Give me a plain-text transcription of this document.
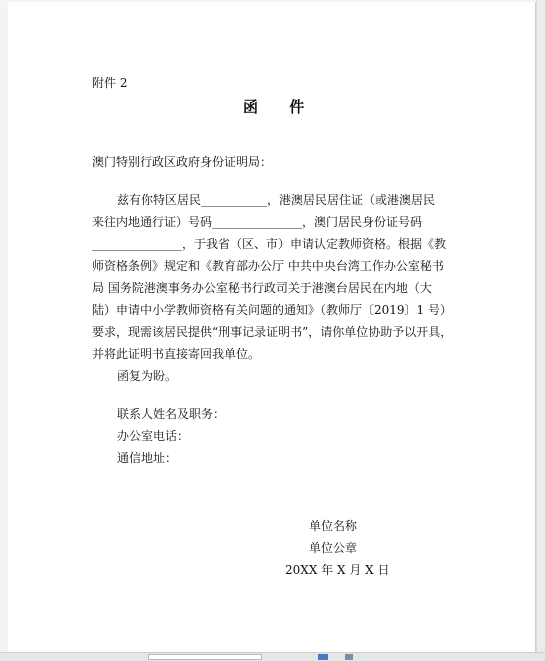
附件 2
函 件
澳门特别行政区政府身份证明局：
兹有你特区居民___________，港澳居民居住证（或港澳居民
来往内地通行证）号码_______________，澳门居民身份证号码
_______________，于我省（区、市）申请认定教师资格。根据《教
师资格条例》规定和《教育部办公厅 中共中央台湾工作办公室秘书
局 国务院港澳事务办公室秘书行政司关于港澳台居民在内地（大
陆）申请中小学教师资格有关问题的通知》（教师厅〔2019〕1 号）
要求，现需该居民提供“刑事记录证明书”，请你单位协助予以开具，
并将此证明书直接寄回我单位。
函复为盼。
联系人姓名及职务：
办公室电话：
通信地址：
单位名称
单位公章
20XX 年 X 月 X 日
